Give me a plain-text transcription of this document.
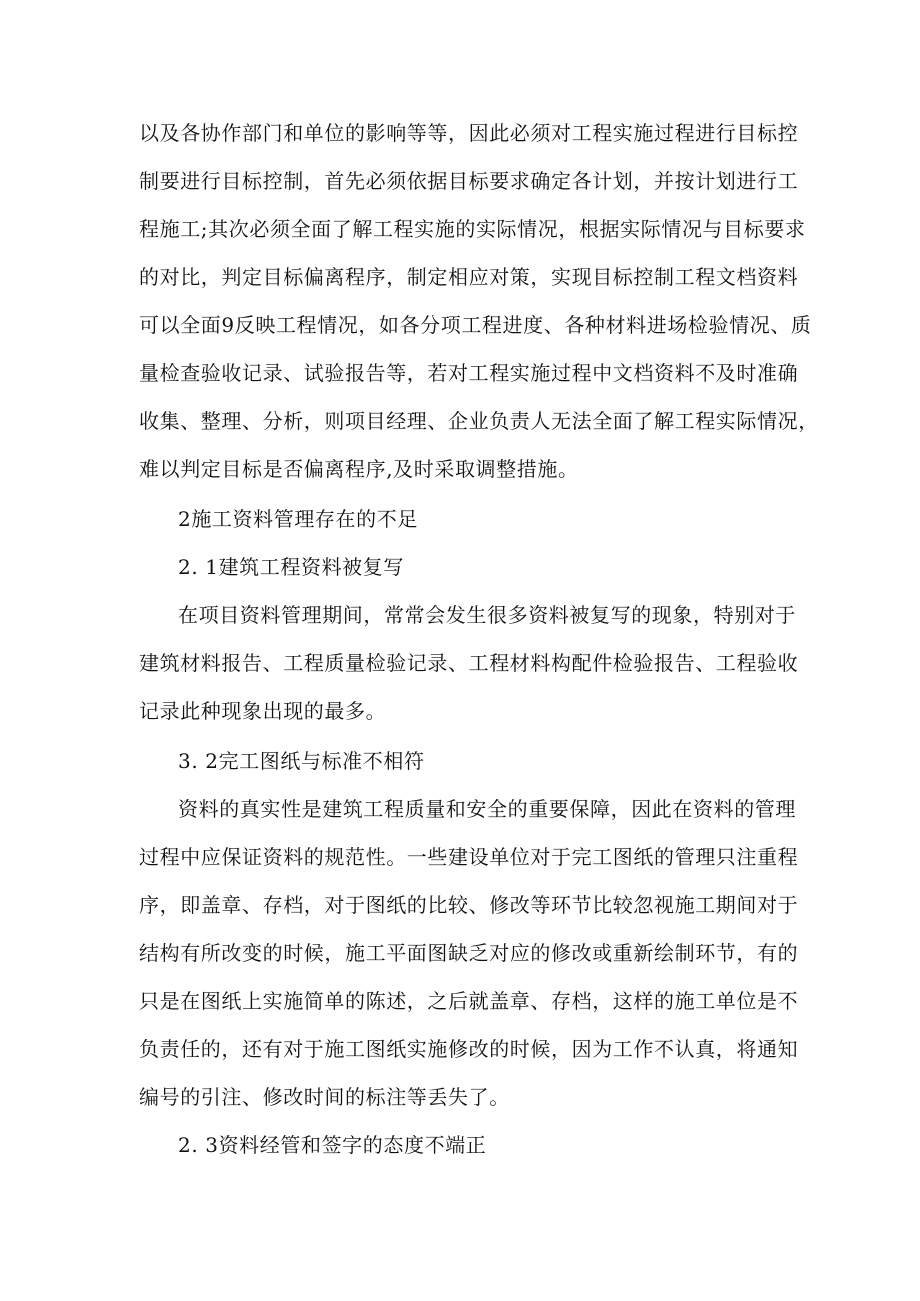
以及各协作部门和单位的影响等等，因此必须对工程实施过程进行目标控
制要进行目标控制，首先必须依据目标要求确定各计划，并按计划进行工
程施工;其次必须全面了解工程实施的实际情况，根据实际情况与目标要求
的对比，判定目标偏离程序，制定相应对策，实现目标控制工程文档资料
可以全面9反映工程情况，如各分项工程进度、各种材料进场检验情况、质
量检查验收记录、试验报告等，若对工程实施过程中文档资料不及时准确
收集、整理、分析，则项目经理、企业负责人无法全面了解工程实际情况，
难以判定目标是否偏离程序,及时采取调整措施。
2施工资料管理存在的不足
2. 1建筑工程资料被复写
在项目资料管理期间，常常会发生很多资料被复写的现象，特别对于
建筑材料报告、工程质量检验记录、工程材料构配件检验报告、工程验收
记录此种现象出现的最多。
3. 2完工图纸与标准不相符
资料的真实性是建筑工程质量和安全的重要保障，因此在资料的管理
过程中应保证资料的规范性。一些建设单位对于完工图纸的管理只注重程
序，即盖章、存档，对于图纸的比较、修改等环节比较忽视施工期间对于
结构有所改变的时候，施工平面图缺乏对应的修改或重新绘制环节，有的
只是在图纸上实施简单的陈述，之后就盖章、存档，这样的施工单位是不
负责任的，还有对于施工图纸实施修改的时候，因为工作不认真，将通知
编号的引注、修改时间的标注等丢失了。
2. 3资料经管和签字的态度不端正
